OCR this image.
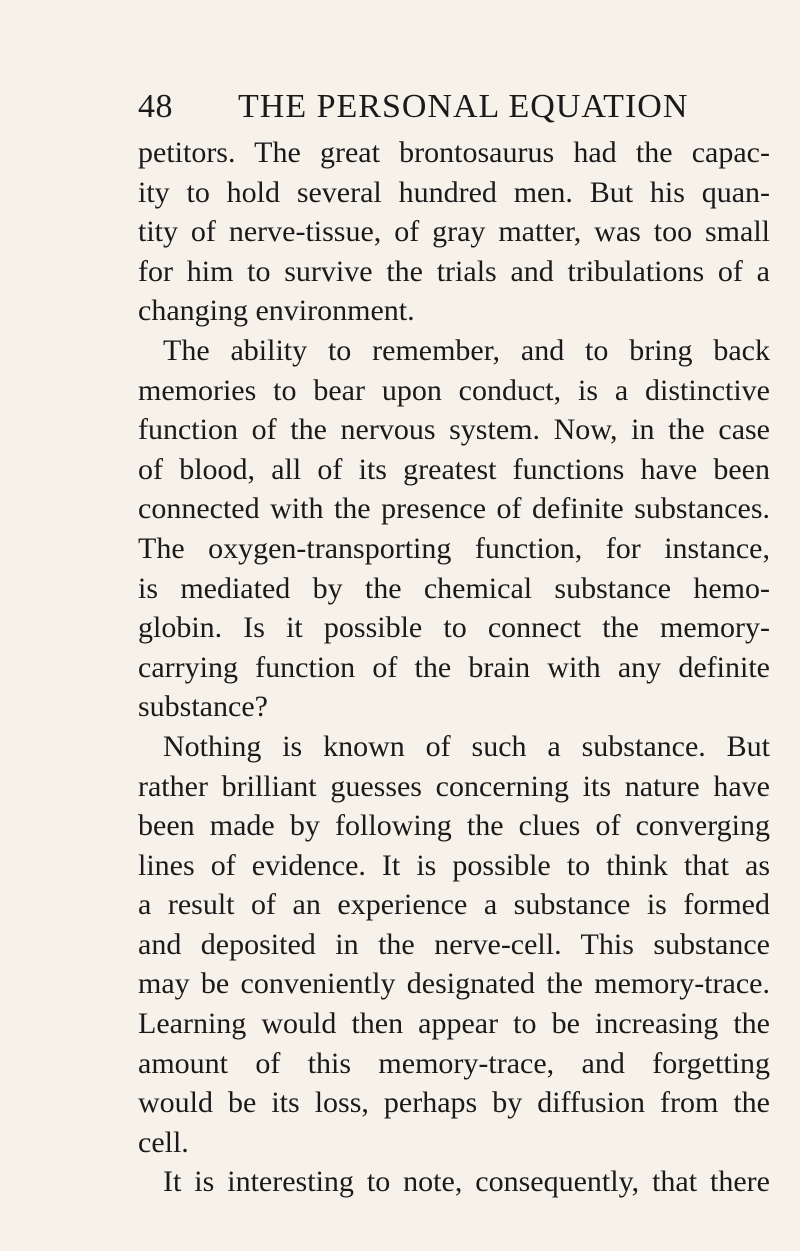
48 THE PERSONAL EQUATION
petitors. The great brontosaurus had the capac-
ity to hold several hundred men. But his quan-
tity of nerve-tissue, of gray matter, was too small
for him to survive the trials and tribulations of a
changing environment.
The ability to remember, and to bring back
memories to bear upon conduct, is a distinctive
function of the nervous system. Now, in the case
of blood, all of its greatest functions have been
connected with the presence of definite substances.
The oxygen-transporting function, for instance,
is mediated by the chemical substance hemo-
globin. Is it possible to connect the memory-
carrying function of the brain with any definite
substance?
Nothing is known of such a substance. But
rather brilliant guesses concerning its nature have
been made by following the clues of converging
lines of evidence. It is possible to think that as
a result of an experience a substance is formed
and deposited in the nerve-cell. This substance
may be conveniently designated the memory-trace.
Learning would then appear to be increasing the
amount of this memory-trace, and forgetting
would be its loss, perhaps by diffusion from the
cell.
It is interesting to note, consequently, that there
